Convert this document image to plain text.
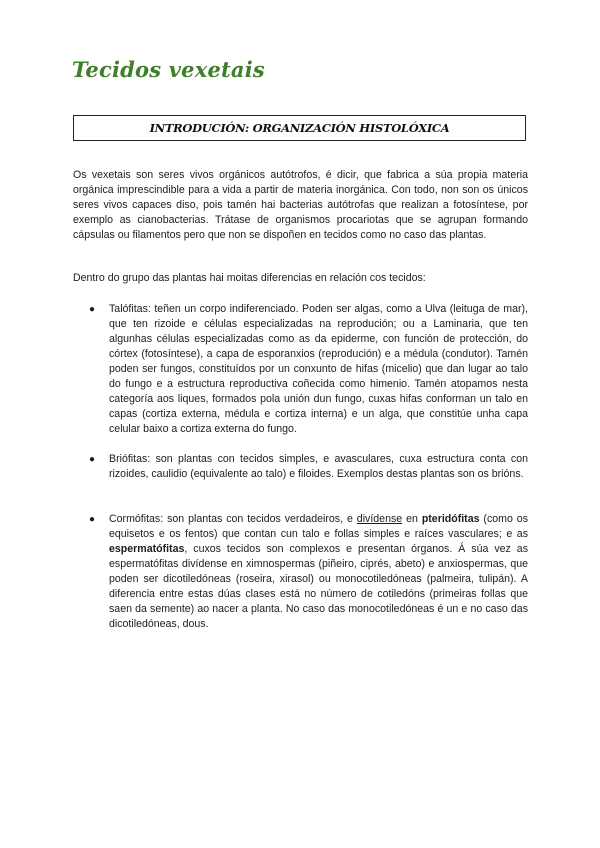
Tecidos vexetais
INTRODUCIÓN: ORGANIZACIÓN HISTOLÓXICA
Os vexetais son seres vivos orgánicos autótrofos, é dicir, que fabrica a súa propia materia orgánica imprescindible para a vida a partir de materia inorgánica. Con todo, non son os únicos seres vivos capaces diso, pois tamén hai bacterias autótrofas que realizan a fotosíntese, por exemplo as cianobacterias. Trátase de organismos procariotas que se agrupan formando cápsulas ou filamentos pero que non se dispoñen en tecidos como no caso das plantas.
Dentro do grupo das plantas hai moitas diferencias en relación cos tecidos:
● Talófitas: teñen un corpo indiferenciado. Poden ser algas, como a Ulva (leituga de mar), que ten rizoide e células especializadas na reprodución; ou a Laminaria, que ten algunhas células especializadas como as da epiderme, con función de protección, do córtex (fotosíntese), a capa de esporanxios (reprodución) e a médula (condutor). Tamén poden ser fungos, constituídos por un conxunto de hifas (micelio) que dan lugar ao talo do fungo e a estructura reproductiva coñecida como himenio. Tamén atopamos nesta categoría aos liques, formados pola unión dun fungo, cuxas hifas conforman un talo en capas (cortiza externa, médula e cortiza interna) e un alga, que constitúe unha capa celular baixo a cortiza externa do fungo.
● Briófitas: son plantas con tecidos simples, e avasculares, cuxa estructura conta con rizoides, caulidio (equivalente ao talo) e filoides. Exemplos destas plantas son os brións.
● Cormófitas: son plantas con tecidos verdadeiros, e divídense en pteridófitas (como os equisetos e os fentos) que contan cun talo e follas simples e raíces vasculares; e as espermatófitas, cuxos tecidos son complexos e presentan órganos. Á súa vez as espermatófitas divídense en ximnospermas (piñeiro, ciprés, abeto) e anxiospermas, que poden ser dicotiledóneas (roseira, xirasol) ou monocotiledóneas (palmeira, tulipán). A diferencia entre estas dúas clases está no número de cotiledóns (primeiras follas que saen da semente) ao nacer a planta. No caso das monocotiledóneas é un e no caso das dicotiledóneas, dous.
